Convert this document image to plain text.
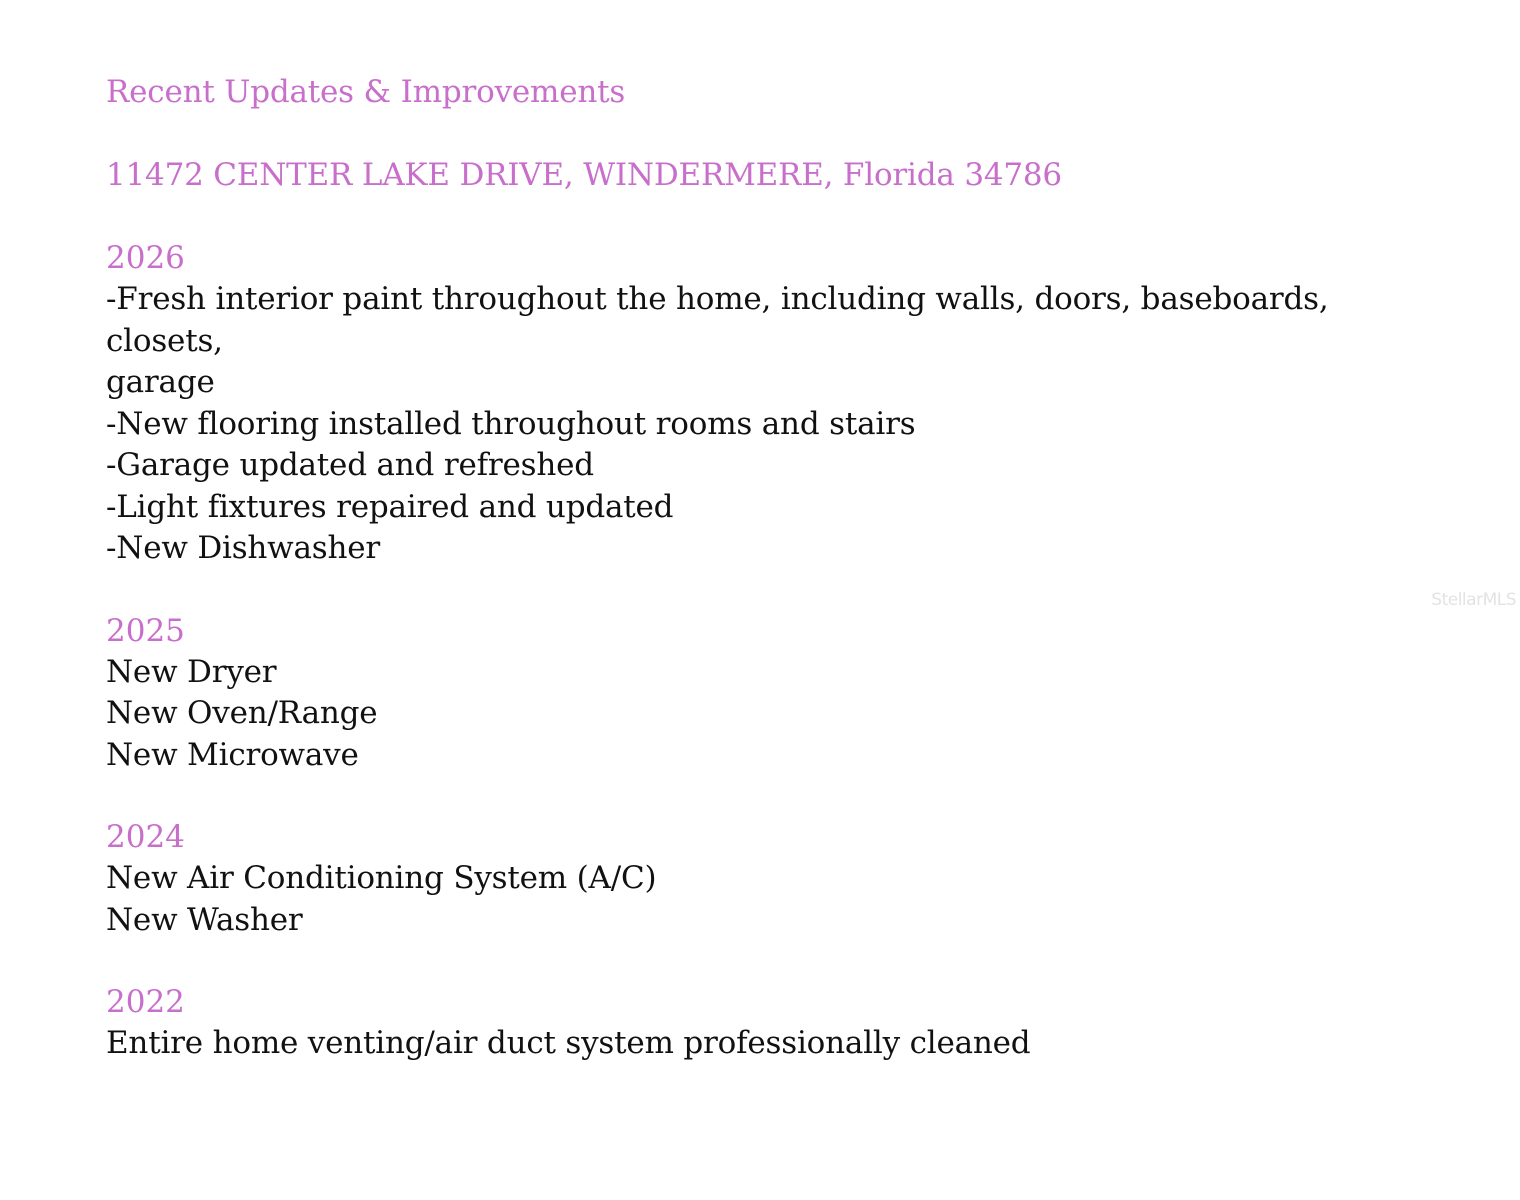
Recent Updates & Improvements

11472 CENTER LAKE DRIVE, WINDERMERE, Florida 34786

2026

-Fresh interior paint throughout the home, including walls, doors, baseboards,
closets,
garage
-New flooring installed throughout rooms and stairs
-Garage updated and refreshed
-Light fixtures repaired and updated
-New Dishwasher

2025

New Dryer
New Oven/Range
New Microwave

2024

New Air Conditioning System (A/C)
New Washer

2022

Entire home venting/air duct system professionally cleaned
StellarMLS
